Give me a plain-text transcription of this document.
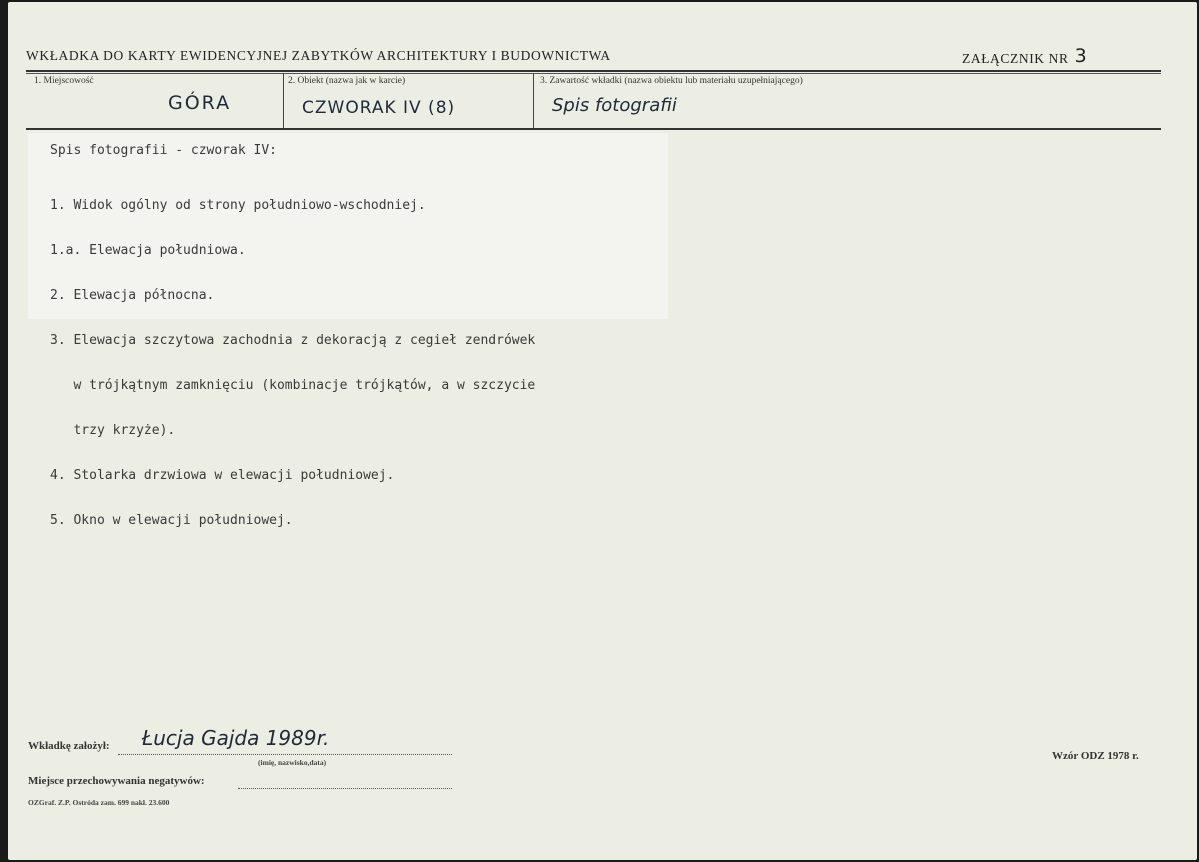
WKŁADKA DO KARTY EWIDENCYJNEJ ZABYTKÓW ARCHITEKTURY I BUDOWNICTWA	ZAŁĄCZNIK NR 3
1. Miejscowość
GÓRA
2. Obiekt (nazwa jak w karcie)
CZWORAK IV (8)
3. Zawartość wkładki (nazwa obiektu lub materiału uzupełniającego)
Spis fotografii
Spis fotografii - czworak IV:

1. Widok ogólny od strony południowo-wschodniej.

1.a. Elewacja południowa.

2. Elewacja północna.

3. Elewacja szczytowa zachodnia z dekoracją z cegieł zendrówek

w trójkątnym zamknięciu (kombinacje trójkątów, a w szczycie

trzy krzyże).

4. Stolarka drzwiowa w elewacji południowej.

5. Okno w elewacji południowej.

Wkładkę założył: Łucja Gajda 1989r.
(imię, nazwisko,data)
Miejsce przechowywania negatywów:
OZGraf. Z.P. Ostróda zam. 699 nakł. 23.600
Wzór ODZ 1978 r.
